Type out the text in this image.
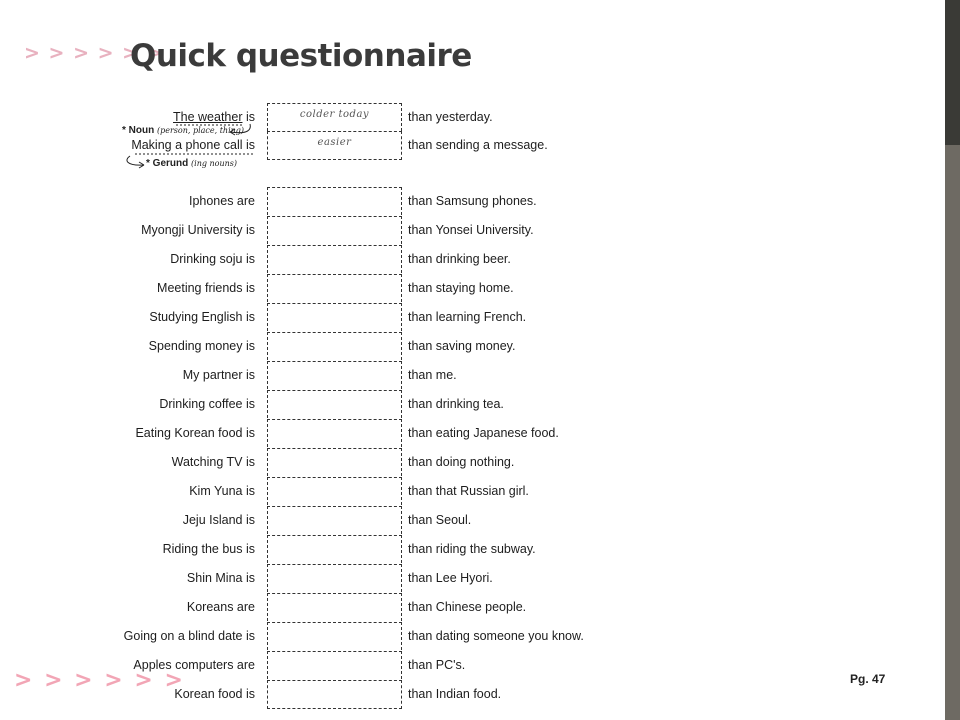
> > > > > >
Quick questionnaire
The weather is	colder today	than yesterday.
Making a phone call is	easier	than sending a message.
* Noun (person, place, thing)
* Gerund (ing nouns)
Iphones are	than Samsung phones.
Myongji University is	than Yonsei University.
Drinking soju is	than drinking beer.
Meeting friends is	than staying home.
Studying English is	than learning French.
Spending money is	than saving money.
My partner is	than me.
Drinking coffee is	than drinking tea.
Eating Korean food is	than eating Japanese food.
Watching TV is	than doing nothing.
Kim Yuna is	than that Russian girl.
Jeju Island is	than Seoul.
Riding the bus is	than riding the subway.
Shin Mina is	than Lee Hyori.
Koreans are	than Chinese people.
Going on a blind date is	than dating someone you know.
Apples computers are	than PC's.
Korean food is	than Indian food.
> > > > > >	Pg. 47
